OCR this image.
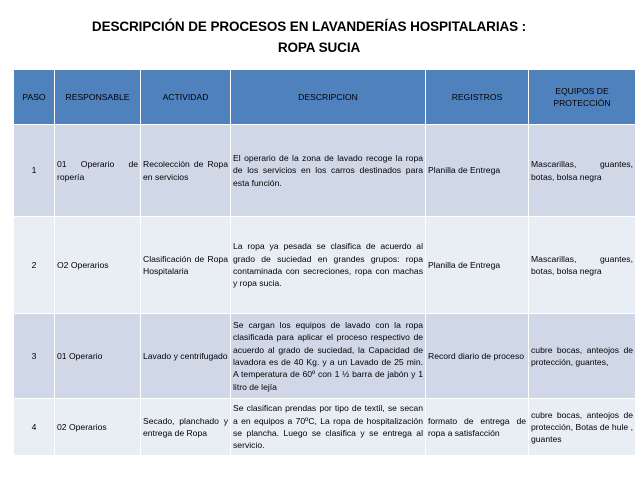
DESCRIPCIÓN DE PROCESOS EN LAVANDERÍAS HOSPITALARIAS :
ROPA SUCIA
PASO	RESPONSABLE	ACTIVIDAD	DESCRIPCION	REGISTROS	EQUIPOS DE PROTECCIÓN
1	01 Operario de ropería	Recolección de Ropa en servicios	El operario de la zona de lavado recoge la ropa de los servicios en los carros destinados para esta función.	Planilla de Entrega	Mascarillas, guantes, botas, bolsa negra
2	O2 Operarios	Clasificación de Ropa Hospitalaria	La ropa ya pesada se clasifica de acuerdo al grado de suciedad en grandes grupos: ropa contaminada con secreciones, ropa con machas y ropa sucia.	Planilla de Entrega	Mascarillas, guantes, botas, bolsa negra
3	01 Operario	Lavado y centrifugado	Se cargan los equipos de lavado con la ropa clasificada para aplicar el proceso respectivo de acuerdo al grado de suciedad, la Capacidad de lavadora es de 40 Kg. y a un Lavado de 25 min. A temperatura de 60º con 1 ½ barra de jabón y 1 litro de lejía	Record diario de proceso	cubre bocas, anteojos de protección, guantes,
4	02 Operarios	Secado, planchado y entrega de Ropa	Se clasifican prendas por tipo de textil, se secan a en equipos a 70ºC, La ropa de hospitalización se plancha. Luego se clasifica y se entrega al servicio.	formato de entrega de ropa a satisfacción	cubre bocas, anteojos de protección, Botas de hule , guantes
